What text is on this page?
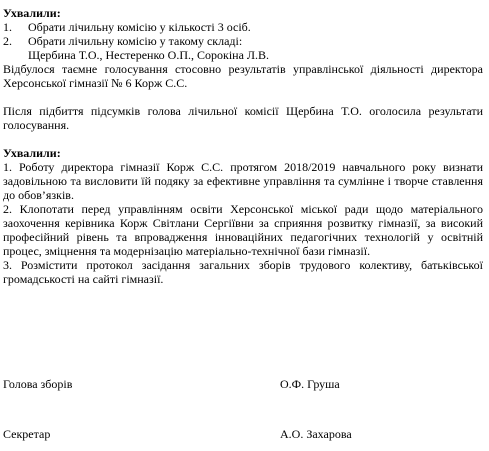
Ухвалили:
1.	Обрати лічильну комісію у кількості 3 осіб.
2.	Обрати лічильну комісію у такому складі:
Щербина Т.О., Нестеренко О.П., Сорокіна Л.В.

Відбулося таємне голосування стосовно результатів управлінської діяльності директора Херсонської гімназії № 6 Корж С.С.

Після підбиття підсумків голова лічильної комісії Щербина Т.О. оголосила результати голосування.

Ухвалили:

1. Роботу директора гімназії Корж С.С. протягом 2018/2019 навчального року визнати задовільною та висловити їй подяку за ефективне управління та сумлінне і творче ставлення до обов’язків.

2. Клопотати перед управлінням освіти Херсонської міської ради щодо матеріального заохочення керівника Корж Світлани Сергіївни за сприяння розвитку гімназії, за високий професійний рівень та впровадження інноваційних педагогічних технологій у освітній процес, зміцнення та модернізацію матеріально-технічної бази гімназії.

3. Розмістити протокол засідання загальних зборів трудового колективу, батьківської громадськості на сайті гімназії.

Голова зборів	О.Ф. Груша
Секретар	А.О. Захарова
